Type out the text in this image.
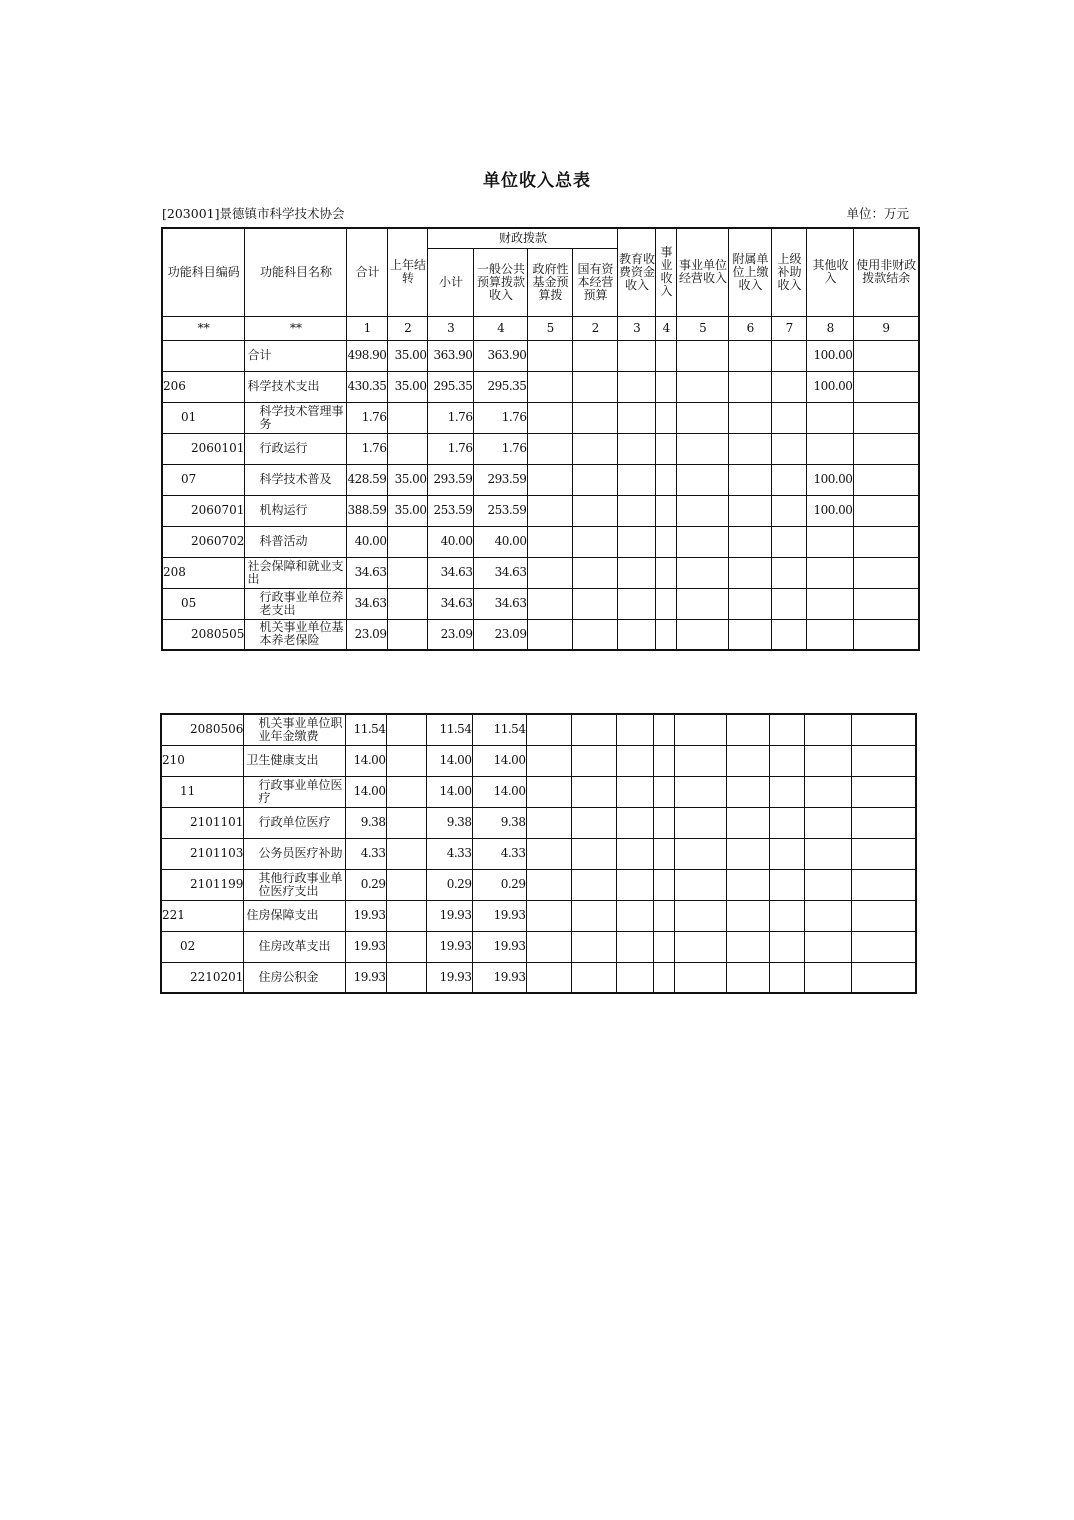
单位收入总表
[203001]景德镇市科学技术协会	单位：万元
功能科目编码	功能科目名称	合计	上年结转	财政拨款				教育收费资金收入	事业收入	事业单位经营收入	附属单位上缴收入	上级补助收入	其他收入	使用非财政拨款结余
				小计	一般公共预算拨款收入	政府性基金预算拨	国有资本经营预算							
**	**	1	2	3	4	5	2	3	4	5	6	7	8	9
	合计	498.90	35.00	363.90	363.90								100.00	
206	科学技术支出	430.35	35.00	295.35	295.35								100.00	
01	科学技术管理事务	1.76		1.76	1.76									
2060101	行政运行	1.76		1.76	1.76									
07	科学技术普及	428.59	35.00	293.59	293.59								100.00	
2060701	机构运行	388.59	35.00	253.59	253.59								100.00	
2060702	科普活动	40.00		40.00	40.00									
208	社会保障和就业支出	34.63		34.63	34.63									
05	行政事业单位养老支出	34.63		34.63	34.63									
2080505	机关事业单位基本养老保险	23.09		23.09	23.09									
2080506	机关事业单位职业年金缴费	11.54		11.54	11.54									
210	卫生健康支出	14.00		14.00	14.00									
11	行政事业单位医疗	14.00		14.00	14.00									
2101101	行政单位医疗	9.38		9.38	9.38									
2101103	公务员医疗补助	4.33		4.33	4.33									
2101199	其他行政事业单位医疗支出	0.29		0.29	0.29									
221	住房保障支出	19.93		19.93	19.93									
02	住房改革支出	19.93		19.93	19.93									
2210201	住房公积金	19.93		19.93	19.93									
